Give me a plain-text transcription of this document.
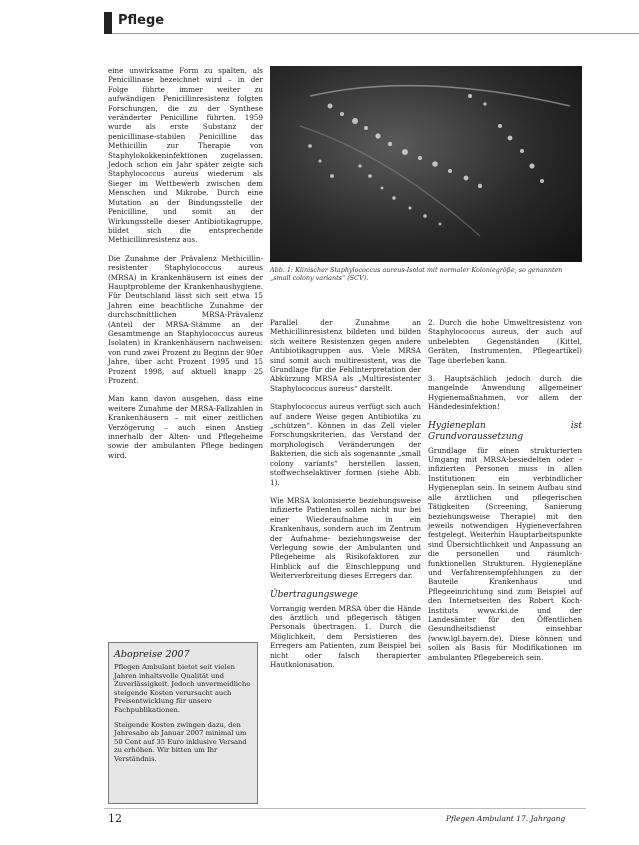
Pflege

eine unwirksame Form zu spalten, als Penicillinase bezeichnet wird – in der Folge führte immer weiter zu aufwändigen Penicillinresistenz folgten Forschungen, die zu der Synthese veränderter Penicilline führten. 1959 wurde als erste Substanz der penicillinase-stabilen Penicilline das Methicillin zur Therapie von Staphylokokkeninfektionen zugelassen. Jedoch schon ein Jahr später zeigte sich Staphylococcus aureus wiederum als Sieger im Wettbewerb zwischen dem Menschen und Mikrobe. Durch eine Mutation an der Bindungsstelle der Penicilline, und somit an der Wirkungsstelle dieser Antibiotikagruppe, bildet sich die entsprechende Methicillinresistenz aus.

Die Zunahme der Prävalenz Methicillin-resistenter Staphylococcus aureus (MRSA) in Krankenhäusern ist eines der Hauptprobleme der Krankenhaushygiene. Für Deutschland lässt sich seit etwa 15 Jahren eine beachtliche Zunahme der durchschnittlichen MRSA-Prävalenz (Anteil der MRSA-Stämme an der Gesamtmenge an Staphylococcus aureus Isolaten) in Krankenhäusern nachweisen: von rund zwei Prozent zu Beginn der 90er Jahre, über acht Prozent 1995 und 15 Prozent 1998, auf aktuell knapp 25 Prozent.

Man kann davon ausgehen, dass eine weitere Zunahme der MRSA-Fallzahlen in Krankenhäusern – mit einer zeitlichen Verzögerung – auch einen Anstieg innerhalb der Alten- und Pflegeheime sowie der ambulanten Pflege bedingen wird.

Abb. 1: Klinischer Staphylococcus aureus-Isolat mit normaler Koloniegröße, so genannten „small colony variants“ (SCV).

Parallel der Zunahme an Methicillinresistenz bildeten und bilden sich weitere Resistenzen gegen andere Antibiotikagruppen aus. Viele MRSA sind somit auch multiresistent, was die Grundlage für die Fehlinterpretation der Abkürzung MRSA als „Multiresistenter Staphylococcus aureus“ darstellt.

Staphylococcus aureus verfügt sich auch auf andere Weise gegen Antibiotika zu „schützen“. Können in das Zell vieler Forschungskriterien, das Verstand der morphologisch Veränderungen der Bakterien, die sich als sogenannte „small colony variants“ herstellen lassen, stoffwechselaktiver formen (siehe Abb. 1).

Wie MRSA kolonisierte beziehungsweise infizierte Patienten sollen nicht nur bei einer Wiederaufnahme in ein Krankenhaus, sondern auch im Zentrum der Aufnahme- beziehungsweise der Verlegung sowie der Ambulanten und Pflegeheime als Risikofaktoren zur Hinblick auf die Einschleppung und Weiterverbreitung dieses Erregers dar.

Übertragungswege

Vorrangig werden MRSA über die Hände des ärztlich und pflegerisch tätigen Personals übertragen. 1. Durch die Möglichkeit, dem Persistieren des Erregers am Patienten, zum Beispiel bei nicht oder falsch therapierter Hautkolonisation.

2. Durch die hohe Umweltresistenz von Staphylococcus aureus, der auch auf unbelebten Gegenständen (Kittel, Geräten, Instrumenten, Pflegeartikel) Tage überleben kann.

3. Hauptsächlich jedoch durch die mangelnde Anwendung allgemeiner Hygienemaßnahmen, vor allem der Händedesinfektion!

Hygieneplan ist Grundvoraussetzung

Grundlage für einen strukturierten Umgang mit MRSA-besiedelten oder -infizierten Personen muss in allen Institutionen ein verbindlicher Hygieneplan sein. In seinem Aufbau sind alle ärztlichen und pflegerischen Tätigkeiten (Screening, Sanierung beziehungsweise Therapie) mit den jeweils notwendigen Hygieneverfahren festgelegt. Weiterhin Hauptarbeitspunkte sind Übersichtlichkeit und Anpassung an die personellen und räumlich-funktionellen Strukturen. Hygienepläne und Verfahrensempfehlungen zu der Bauteile Krankenhaus und Pflegeeinrichtung sind zum Beispiel auf den Internetseiten des Robert Koch-Instituts www.rki.de und der Landesämter für den Öffentlichen Gesundheitsdienst einsehbar (www.lgl.bayern.de). Diese können und sollen als Basis für Modifikationen im ambulanten Pflegebereich sein.

Abopreise 2007

Pflegen Ambulant bietet seit vielen Jahren inhaltsvolle Qualität und Zuverlässigkeit. Jedoch unvermeidliche steigende Kosten verursacht auch Preisentwicklung für unsere Fachpublikationen.

Steigende Kosten zwingen dazu, den Jahresabo ab Januar 2007 minimal um 50 Cent auf 35 Euro inklusive Versand zu erhöhen. Wir bitten um Ihr Verständnis.

12	Pflegen Ambulant 17. Jahrgang
